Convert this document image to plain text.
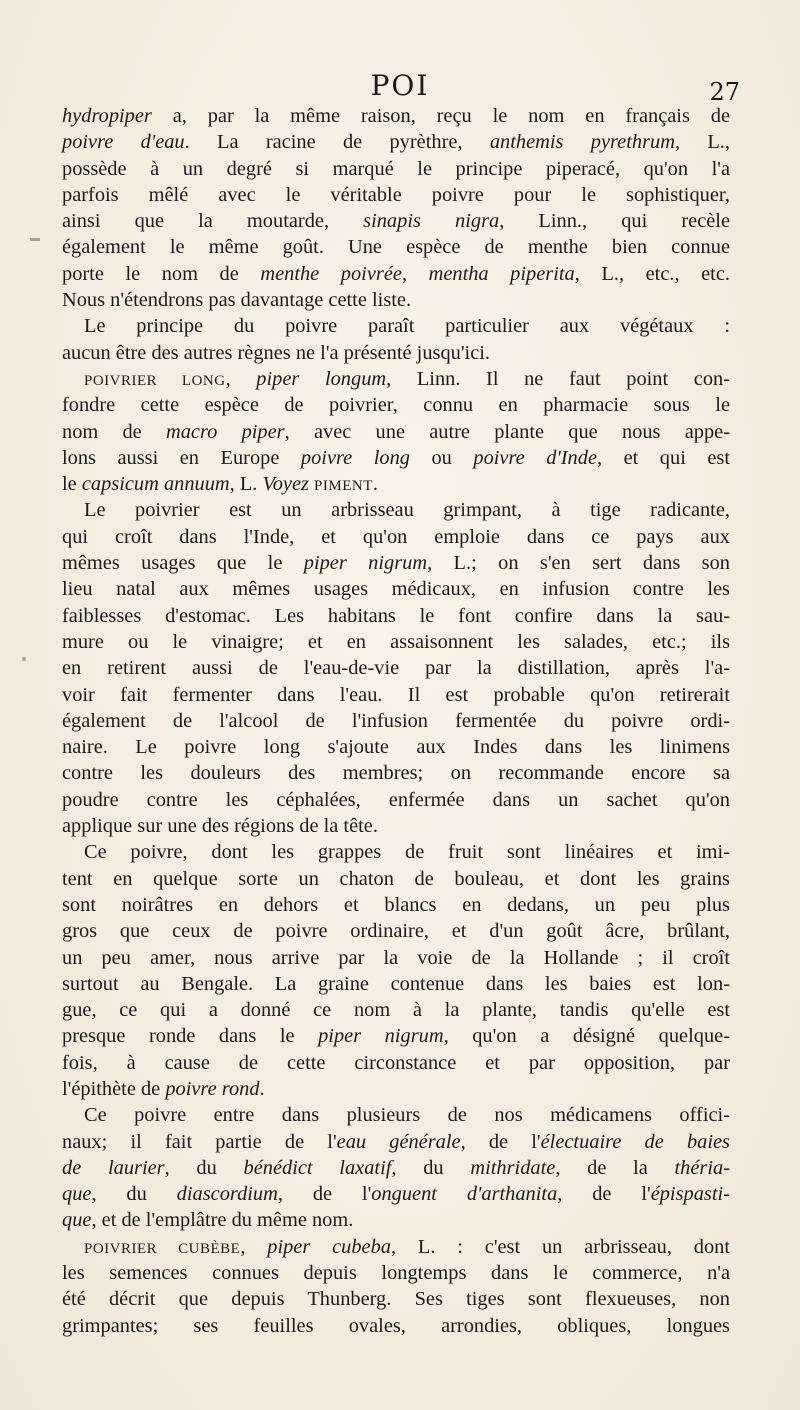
POI	27
hydropiper a, par la même raison, reçu le nom en français de
poivre d'eau. La racine de pyrèthre, anthemis pyrethrum, L.,
possède à un degré si marqué le principe piperacé, qu'on l'a
parfois mêlé avec le véritable poivre pour le sophistiquer,
ainsi que la moutarde, sinapis nigra, Linn., qui recèle
également le même goût. Une espèce de menthe bien connue
porte le nom de menthe poivrée, mentha piperita, L., etc., etc.
Nous n'étendrons pas davantage cette liste.
Le principe du poivre paraît particulier aux végétaux :
aucun être des autres règnes ne l'a présenté jusqu'ici.
POIVRIER LONG, piper longum, Linn. Il ne faut point con-
fondre cette espèce de poivrier, connu en pharmacie sous le
nom de macro piper, avec une autre plante que nous appe-
lons aussi en Europe poivre long ou poivre d'Inde, et qui est
le capsicum annuum, L. Voyez PIMENT.
Le poivrier est un arbrisseau grimpant, à tige radicante,
qui croît dans l'Inde, et qu'on emploie dans ce pays aux
mêmes usages que le piper nigrum, L.; on s'en sert dans son
lieu natal aux mêmes usages médicaux, en infusion contre les
faiblesses d'estomac. Les habitans le font confire dans la sau-
mure ou le vinaigre; et en assaisonnent les salades, etc.; ils
en retirent aussi de l'eau-de-vie par la distillation, après l'a-
voir fait fermenter dans l'eau. Il est probable qu'on retirerait
également de l'alcool de l'infusion fermentée du poivre ordi-
naire. Le poivre long s'ajoute aux Indes dans les linimens
contre les douleurs des membres; on recommande encore sa
poudre contre les céphalées, enfermée dans un sachet qu'on
applique sur une des régions de la tête.
Ce poivre, dont les grappes de fruit sont linéaires et imi-
tent en quelque sorte un chaton de bouleau, et dont les grains
sont noirâtres en dehors et blancs en dedans, un peu plus
gros que ceux de poivre ordinaire, et d'un goût âcre, brûlant,
un peu amer, nous arrive par la voie de la Hollande ; il croît
surtout au Bengale. La graine contenue dans les baies est lon-
gue, ce qui a donné ce nom à la plante, tandis qu'elle est
presque ronde dans le piper nigrum, qu'on a désigné quelque-
fois, à cause de cette circonstance et par opposition, par
l'épithète de poivre rond.
Ce poivre entre dans plusieurs de nos médicamens offici-
naux; il fait partie de l'eau générale, de l'électuaire de baies
de laurier, du bénédict laxatif, du mithridate, de la thériа-
que, du diascordium, de l'onguent d'arthanita, de l'épispasti-
que, et de l'emplâtre du même nom.
POIVRIER CUBÈBE, piper cubeba, L. : c'est un arbrisseau, dont
les semences connues depuis longtemps dans le commerce, n'a
été décrit que depuis Thunberg. Ses tiges sont flexueuses, non
grimpantes; ses feuilles ovales, arrondies, obliques, longues
